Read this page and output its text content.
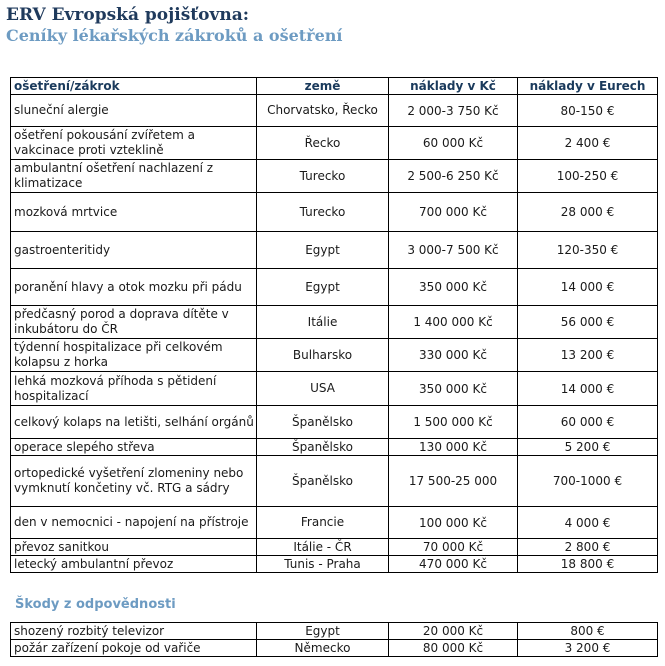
ERV Evropská pojišťovna:
Ceníky lékařských zákroků a ošetření
ošetření/zákrok	země	náklady v Kč	náklady v Eurech
sluneční alergie	Chorvatsko, Řecko	2 000-3 750 Kč	80-150 €
ošetření pokousání zvířetem a vakcinace proti vzteklině	Řecko	60 000 Kč	2 400 €
ambulantní ošetření nachlazení z klimatizace	Turecko	2 500-6 250 Kč	100-250 €
mozková mrtvice	Turecko	700 000 Kč	28 000 €
gastroenteritidy	Egypt	3 000-7 500 Kč	120-350 €
poranění hlavy a otok mozku při pádu	Egypt	350 000 Kč	14 000 €
předčasný porod a doprava dítěte v inkubátoru do ČR	Itálie	1 400 000 Kč	56 000 €
týdenní hospitalizace při celkovém kolapsu z horka	Bulharsko	330 000 Kč	13 200 €
lehká mozková příhoda s pětidení hospitalizací	USA	350 000 Kč	14 000 €
celkový kolaps na letišti, selhání orgánů	Španělsko	1 500 000 Kč	60 000 €
operace slepého střeva	Španělsko	130 000 Kč	5 200 €
ortopedické vyšetření zlomeniny nebo vymknutí končetiny vč. RTG a sádry	Španělsko	17 500-25 000	700-1000 €
den v nemocnici - napojení na přístroje	Francie	100 000 Kč	4 000 €
převoz sanitkou	Itálie - ČR	70 000 Kč	2 800 €
letecký ambulantní převoz	Tunis - Praha	470 000 Kč	18 800 €
Škody z odpovědnosti
shozený rozbitý televizor	Egypt	20 000 Kč	800 €
požár zařízení pokoje od vařiče	Německo	80 000 Kč	3 200 €
